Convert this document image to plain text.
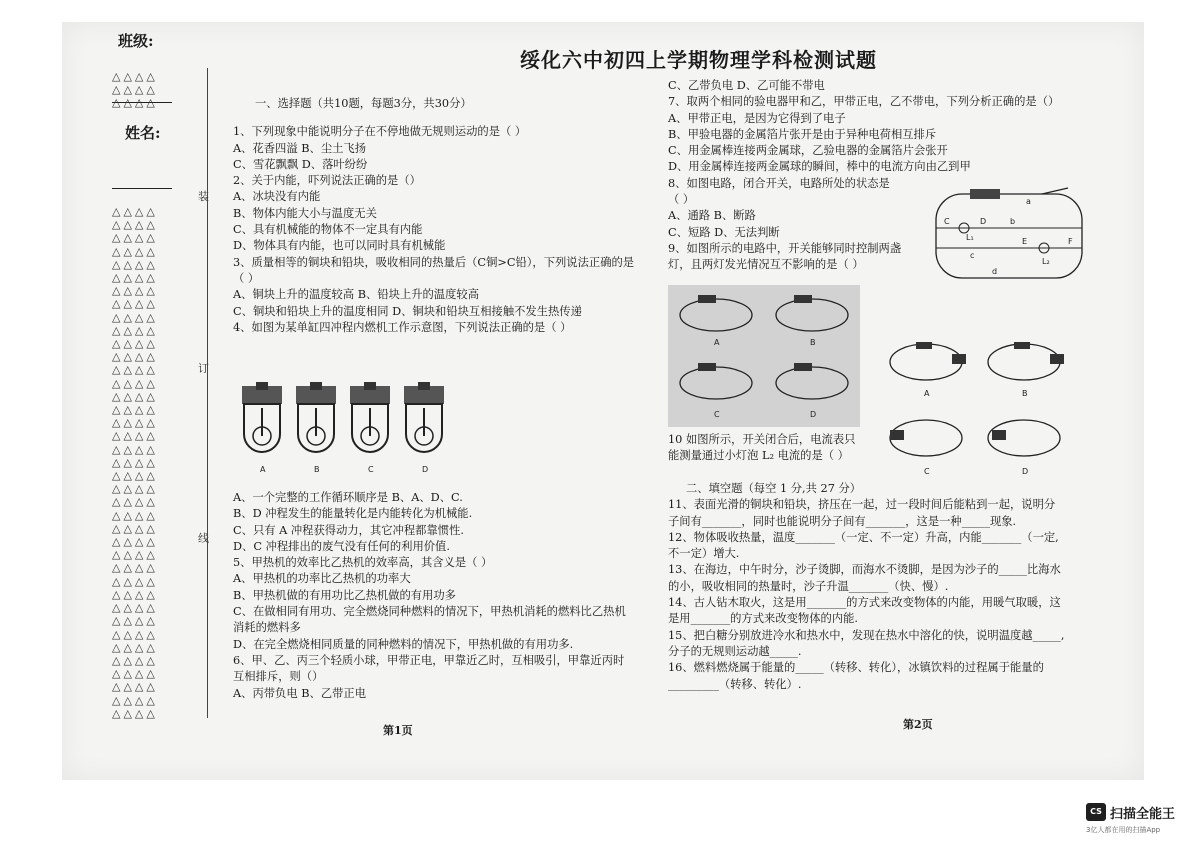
班级:
姓名:
△△△△
△△△△
△△△△
△△△△
△△△△
△△△△
△△△△
△△△△
△△△△
△△△△
△△△△
△△△△
△△△△
△△△△
△△△△
△△△△
△△△△
△△△△
△△△△
△△△△
△△△△
△△△△
△△△△
△△△△
△△△△
△△△△
△△△△
△△△△
△△△△
△△△△
△△△△
△△△△
△△△△
△△△△
△△△△
△△△△
△△△△
△△△△
△△△△
△△△△
△△△△
△△△△
装
订
线
绥化六中初四上学期物理学科检测试题
一、选择题（共10题，每题3分，共30分）
1、下列现象中能说明分子在不停地做无规则运动的是（ ）
A、花香四溢 B、尘土飞扬
C、雪花飘飘 D、落叶纷纷
2、关于内能，吓列说法正确的是（）
A、冰块没有内能
B、物体内能大小与温度无关
C、具有机械能的物体不一定具有内能
D、物体具有内能，也可以同时具有机械能
3、质量相等的铜块和铅块，吸收相同的热量后（C铜>C铅），下列说法正确的是
（ ）
A、铜块上升的温度较高 B、铅块上升的温度较高
C、铜块和铅块上升的温度相同 D、铜块和铅块互相接触不发生热传递
4、如图为某单缸四冲程内燃机工作示意图，下列说法正确的是（ ）
A、一个完整的工作循环顺序是 B、A、D、C.
B、D 冲程发生的能量转化是内能转化为机械能.
C、只有 A 冲程获得动力，其它冲程都靠惯性.
D、C 冲程排出的废气没有任何的利用价值.
5、甲热机的效率比乙热机的效率高，其含义是（ ）
A、甲热机的功率比乙热机的功率大
B、甲热机做的有用功比乙热机做的有用功多
C、在做相同有用功、完全燃烧同种燃料的情况下，甲热机消耗的燃料比乙热机
消耗的燃料多
D、在完全燃烧相同质量的同种燃料的情况下，甲热机做的有用功多.
6、甲、乙、丙三个轻质小球，甲带正电，甲靠近乙时，互相吸引，甲靠近丙时
互相排斥，则（）
A、丙带负电 B、乙带正电
A	B	C	D
C、乙带负电 D、乙可能不带电
7、取两个相同的验电器甲和乙，甲带正电，乙不带电，下列分析正确的是（）
A、甲带正电，是因为它得到了电子
B、甲验电器的金属箔片张开是由于异种电荷相互排斥
C、用金属棒连接两金属球，乙验电器的金属箔片会张开
D、用金属棒连接两金属球的瞬间，棒中的电流方向由乙到甲
8、如图电路，闭合开关，电路所处的状态是
（ ）
A、通路 B、断路
C、短路 D、无法判断
9、如图所示的电路中，开关能够同时控制两盏
灯，且两灯发光情况互不影响的是（ ）
C	D
E	F
L₁
L₂
a
b
c
d
A	B
C	D
A	B
C	D
10 如图所示，开关闭合后，电流表只
能测量通过小灯泡 L₂ 电流的是（ ）
二、填空题（每空 1 分,共 27 分）
11、表面光滑的铜块和铅块，挤压在一起，过一段时间后能粘到一起，说明分
子间有_______，同时也能说明分子间有_______，这是一种_____现象.
12、物体吸收热量，温度_______（一定、不一定）升高，内能_______（一定,
不一定）增大.
13、在海边，中午时分，沙子烫脚，而海水不烫脚，是因为沙子的_____比海水
的小，吸收相同的热量时，沙子升温_______（快、慢）.
14、古人钻木取火，这是用_______的方式来改变物体的内能，用暖气取暖，这
是用_______的方式来改变物体的内能.
15、把白糖分别放进冷水和热水中，发现在热水中溶化的快，说明温度越_____,
分子的无规则运动越_____.
16、燃料燃烧属于能量的_____（转移、转化），冰镇饮料的过程属于能量的
_________（转移、转化）.
第1页	第2页
CS 扫描全能王
3亿人都在用的扫描App
